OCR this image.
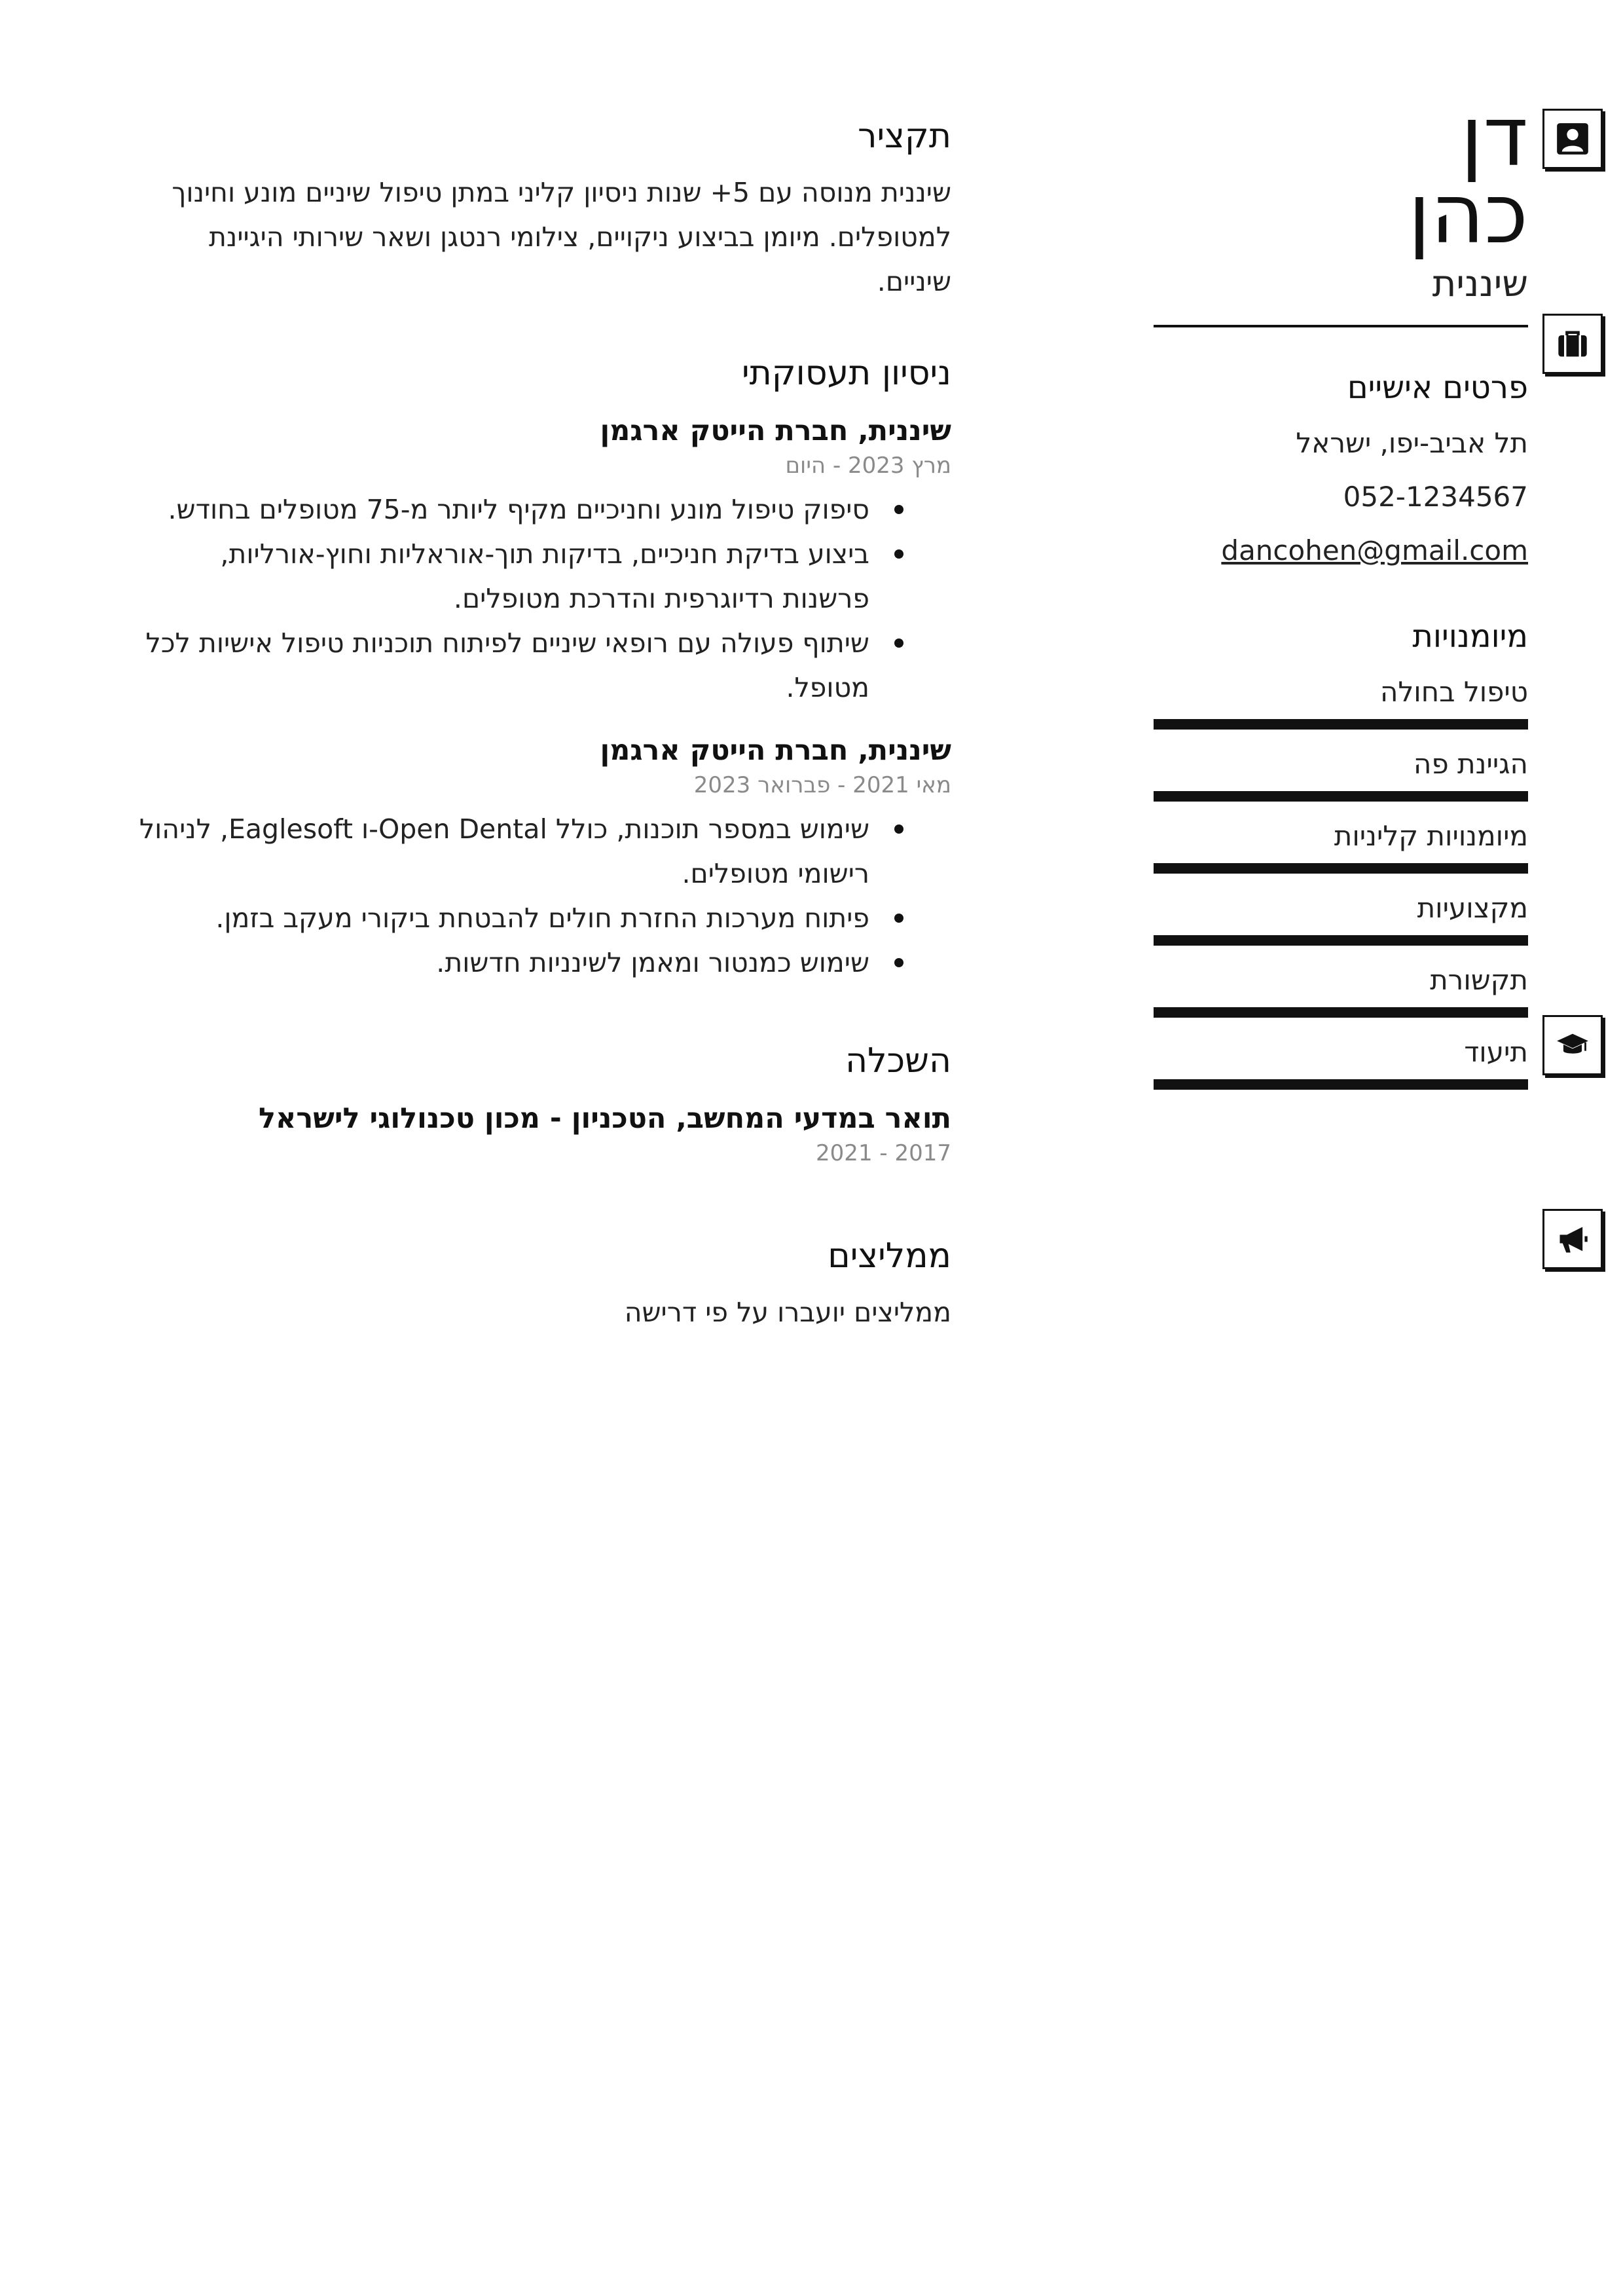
דן
כהן
שיננית
פרטים אישיים
תל אביב-יפו, ישראל
052-1234567
dancohen@gmail.com
מיומנויות
טיפול בחולה
הגיינת פה
מיומנויות קליניות
מקצועיות
תקשורת
תיעוד
תקציר
שיננית מנוסה עם 5+ שנות ניסיון קליני במתן טיפול שיניים מונע וחינוך למטופלים. מיומן בביצוע ניקויים, צילומי רנטגן ושאר שירותי היגיינת שיניים.
ניסיון תעסוקתי
שיננית, חברת הייטק ארגמן
מרץ 2023 - היום
סיפוק טיפול מונע וחניכיים מקיף ליותר מ-75 מטופלים בחודש.
ביצוע בדיקת חניכיים, בדיקות תוך-אוראליות וחוץ-אורליות, פרשנות רדיוגרפית והדרכת מטופלים.
שיתוף פעולה עם רופאי שיניים לפיתוח תוכניות טיפול אישיות לכל מטופל.
שיננית, חברת הייטק ארגמן
מאי 2021 - פברואר 2023
שימוש במספר תוכנות, כולל Open Dental-ו Eaglesoft, לניהול רישומי מטופלים.
פיתוח מערכות החזרת חולים להבטחת ביקורי מעקב בזמן.
שימוש כמנטור ומאמן לשינניות חדשות.
השכלה
תואר במדעי המחשב, הטכניון - מכון טכנולוגי לישראל
2017 - 2021
ממליצים
ממליצים יועברו על פי דרישה
